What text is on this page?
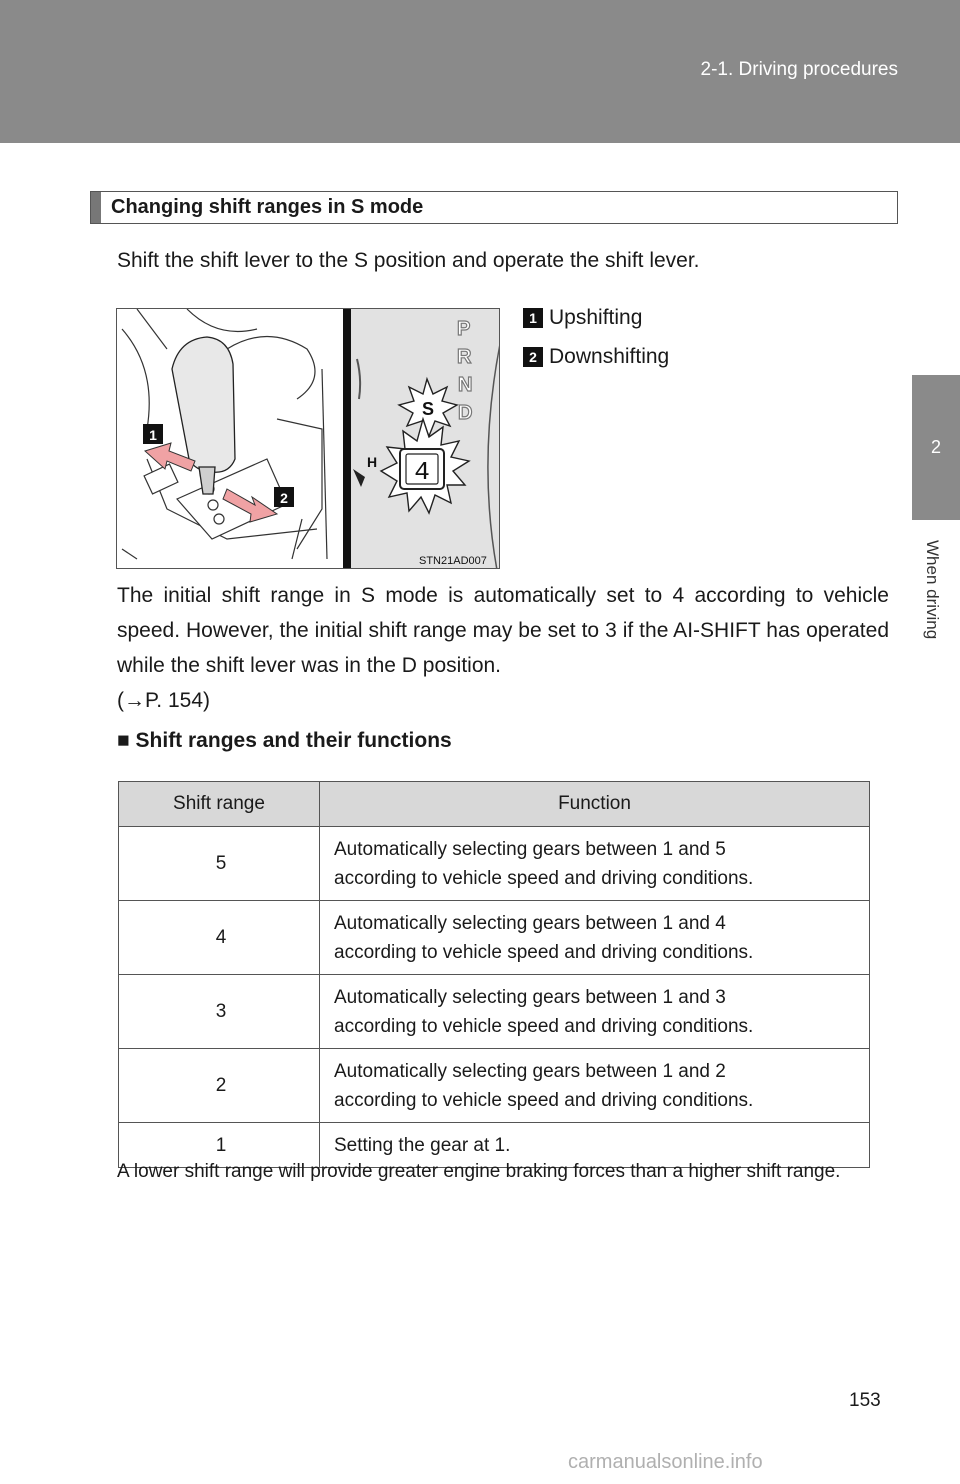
2-1. Driving procedures
2
When driving
Changing shift ranges in S mode
Shift the shift lever to the S position and operate the shift lever.
1
2
S
4
H
P
R
N
D
STN21AD007
1 Upshifting
2 Downshifting
The initial shift range in S mode is automatically set to 4 according to vehicle speed. However, the initial shift range may be set to 3 if the AI-SHIFT has operated while the shift lever was in the D position.
(→P. 154)
■ Shift ranges and their functions
Shift range	Function
5	Automatically selecting gears between 1 and 5
according to vehicle speed and driving conditions.
4	Automatically selecting gears between 1 and 4
according to vehicle speed and driving conditions.
3	Automatically selecting gears between 1 and 3
according to vehicle speed and driving conditions.
2	Automatically selecting gears between 1 and 2
according to vehicle speed and driving conditions.
1	Setting the gear at 1.
A lower shift range will provide greater engine braking forces than a higher shift range.
153
carmanualsonline.info
